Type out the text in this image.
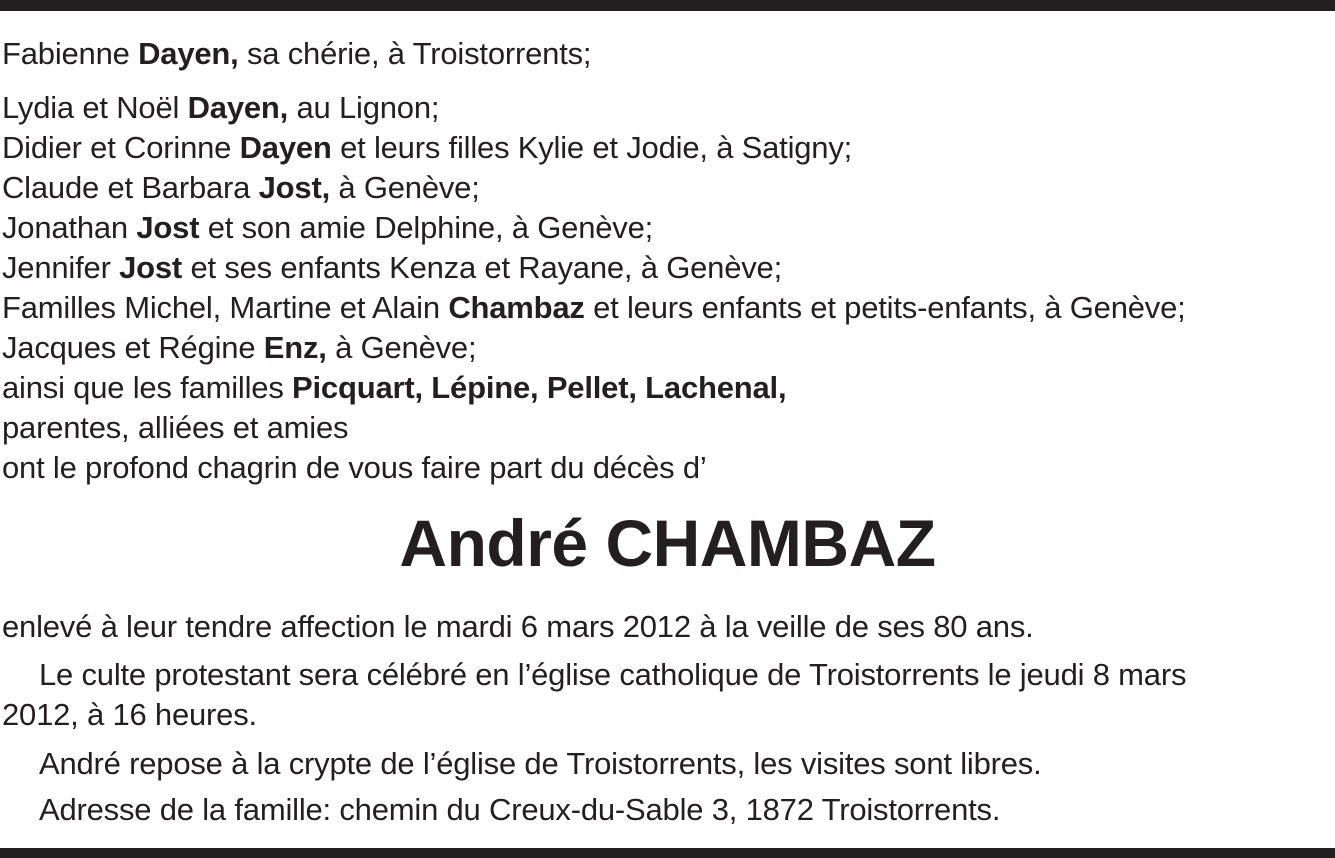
Fabienne Dayen, sa chérie, à Troistorrents;
Lydia et Noël Dayen, au Lignon;
Didier et Corinne Dayen et leurs filles Kylie et Jodie, à Satigny;
Claude et Barbara Jost, à Genève;
Jonathan Jost et son amie Delphine, à Genève;
Jennifer Jost et ses enfants Kenza et Rayane, à Genève;
Familles Michel, Martine et Alain Chambaz et leurs enfants et petits-enfants, à Genève;
Jacques et Régine Enz, à Genève;
ainsi que les familles Picquart, Lépine, Pellet, Lachenal,
parentes, alliées et amies
ont le profond chagrin de vous faire part du décès d’
André CHAMBAZ
enlevé à leur tendre affection le mardi 6 mars 2012 à la veille de ses 80 ans.
Le culte protestant sera célébré en l’église catholique de Troistorrents le jeudi 8 mars
2012, à 16 heures.
André repose à la crypte de l’église de Troistorrents, les visites sont libres.
Adresse de la famille: chemin du Creux-du-Sable 3, 1872 Troistorrents.
